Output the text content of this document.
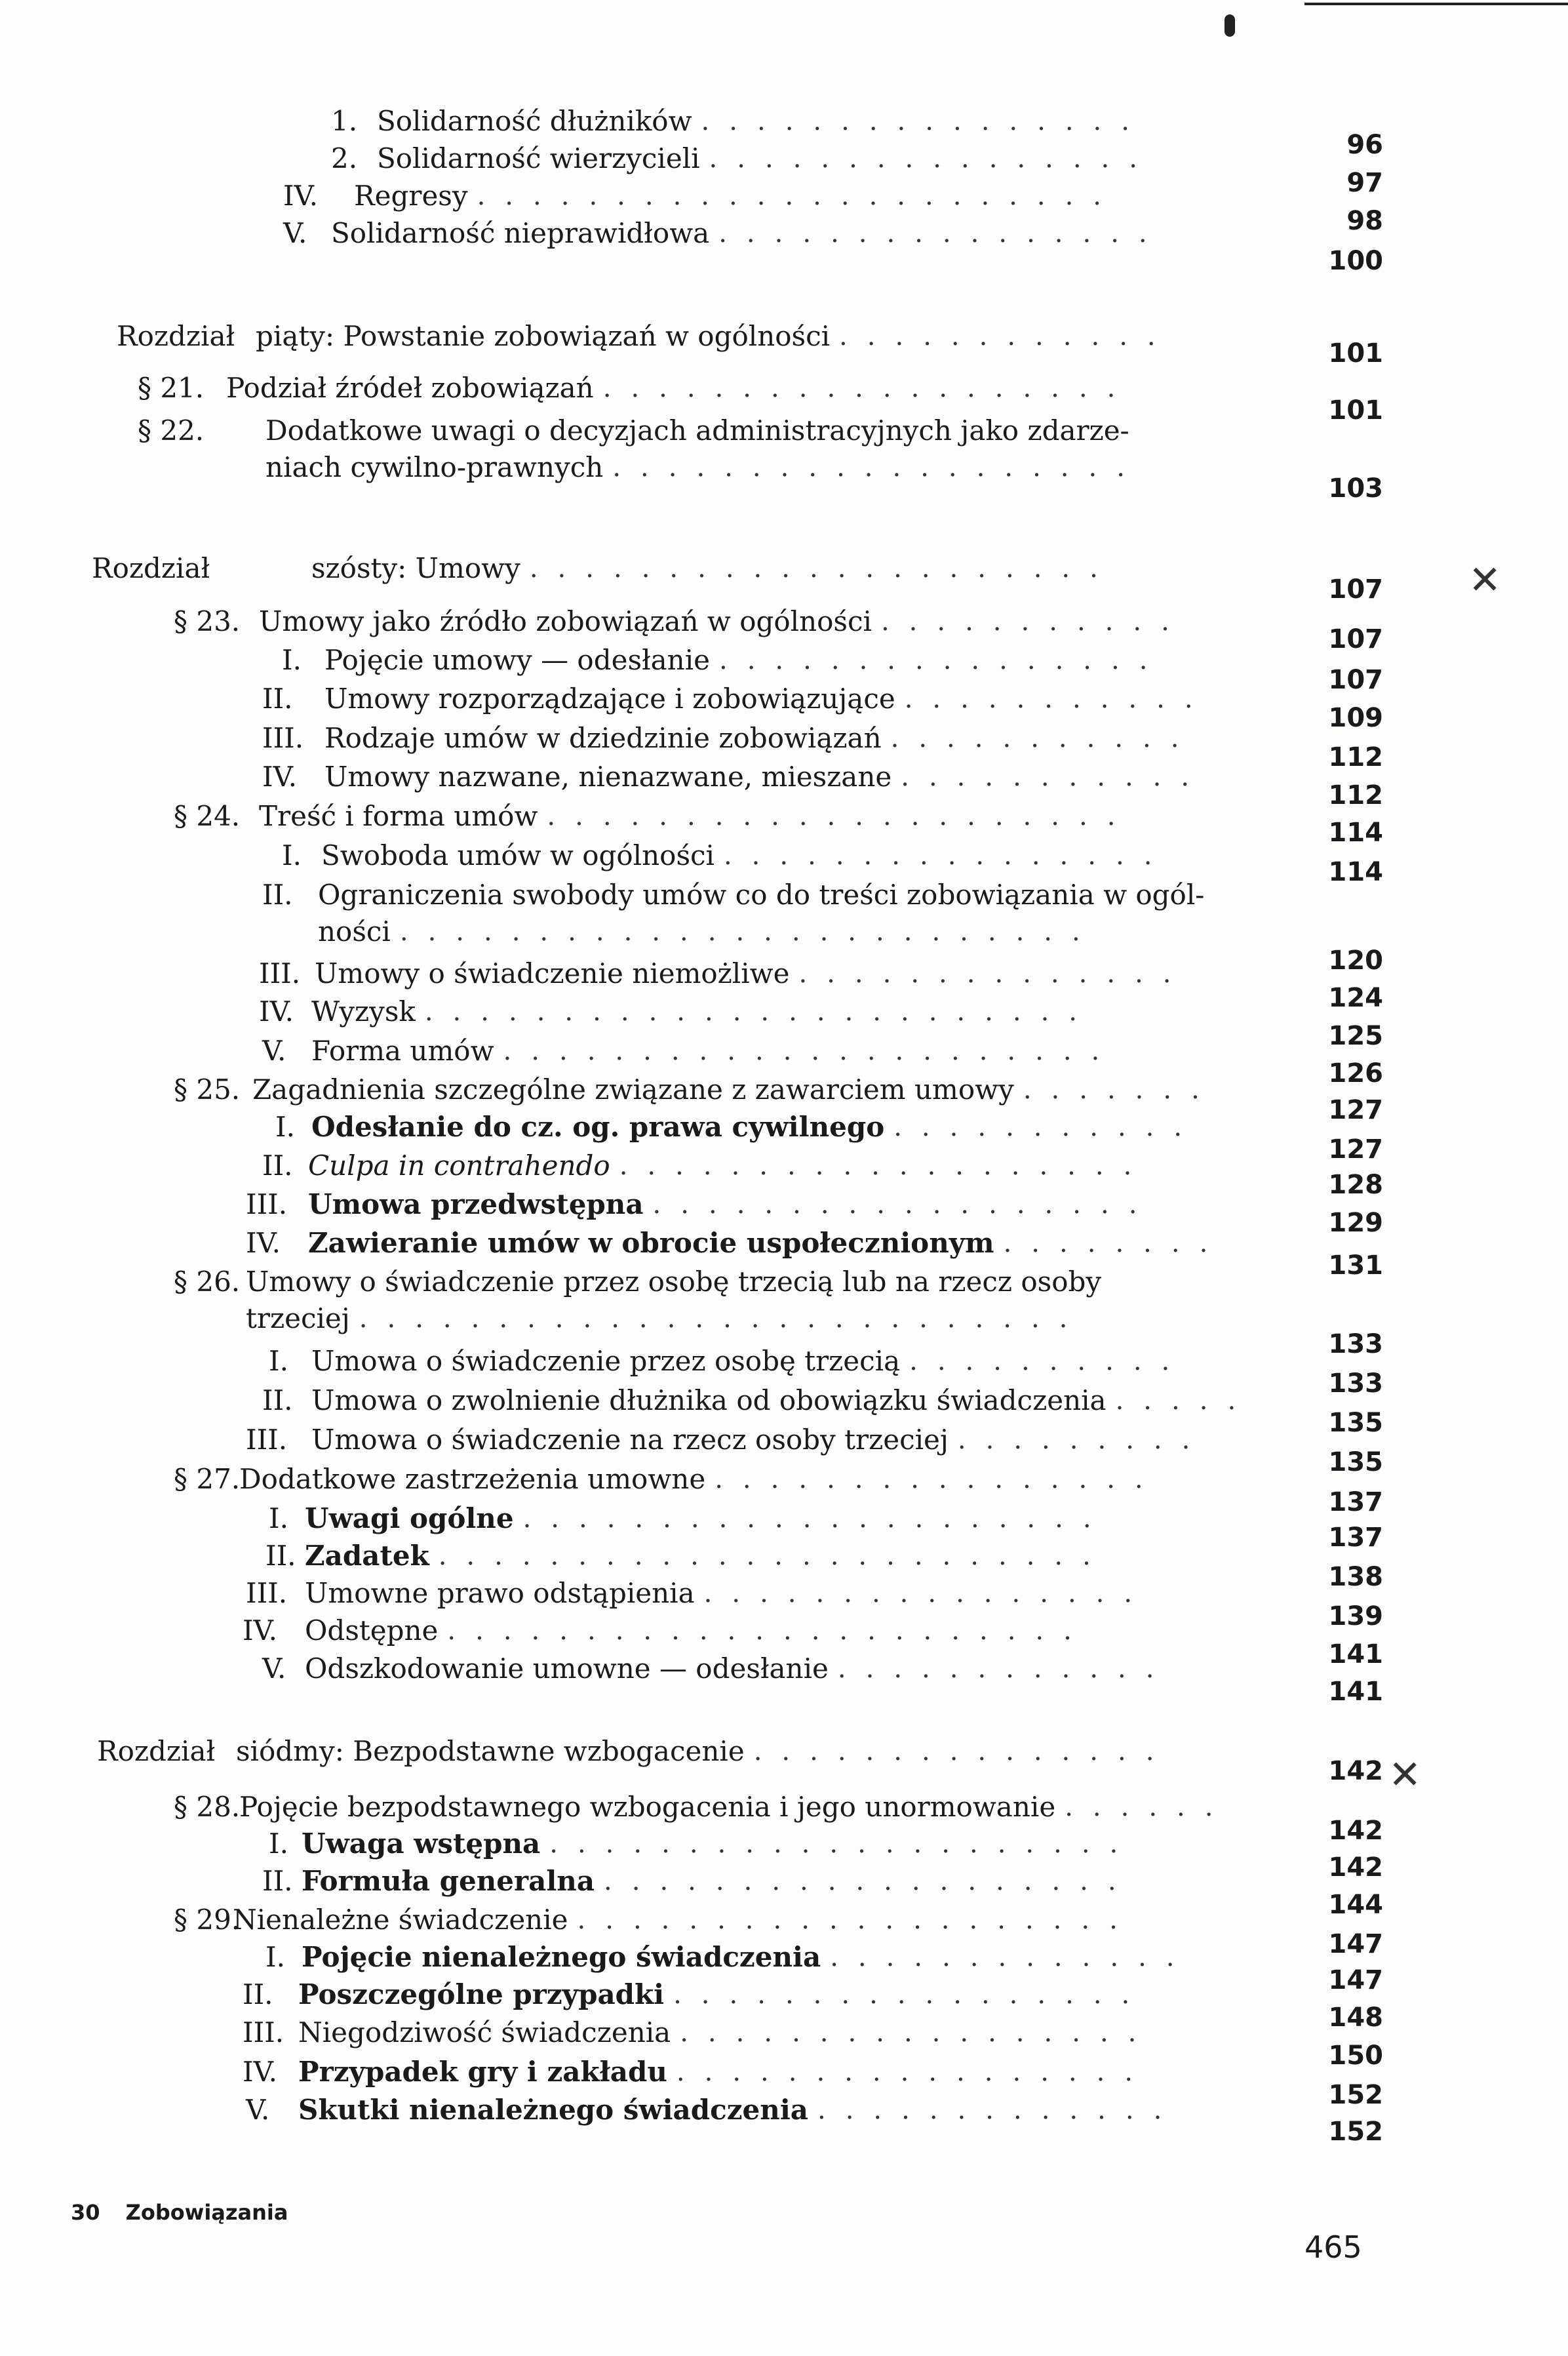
1. Solidarność dłużników ................
96
2. Solidarność wierzycieli ................
97
IV. Regresy .......................
98
V. Solidarność nieprawidłowa ................
100
Rozdział piąty: Powstanie zobowiązań w ogólności ............
101
§ 21. Podział źródeł zobowiązań ...................
101
§ 22. Dodatkowe uwagi o decyzjach administracyjnych jako zdarze-
niach cywilno-prawnych ...................
103
Rozdział	szósty: Umowy .....................
107
§ 23. Umowy jako źródło zobowiązań w ogólności ...........
107
I. Pojęcie umowy — odesłanie ................
107
II. Umowy rozporządzające i zobowiązujące ...........
109
III. Rodzaje umów w dziedzinie zobowiązań ...........
112
IV. Umowy nazwane, nienazwane, mieszane ...........
112
§ 24. Treść i forma umów .....................
114
I. Swoboda umów w ogólności ................
114
II. Ograniczenia swobody umów co do treści zobowiązania w ogól-
ności .........................
120
III. Umowy o świadczenie niemożliwe ..............
124
IV. Wyzysk ........................
125
V. Forma umów ......................
126
§ 25. Zagadnienia szczególne związane z zawarciem umowy .......
127
I. Odesłanie do cz. og. prawa cywilnego ...........
127
II. Culpa in contrahendo ...................
128
III. Umowa przedwstępna ..................
129
IV. Zawieranie umów w obrocie uspołecznionym ........
131
§ 26. Umowy o świadczenie przez osobę trzecią lub na rzecz osoby
trzeciej ..........................
133
I. Umowa o świadczenie przez osobę trzecią ..........
133
II. Umowa o zwolnienie dłużnika od obowiązku świadczenia .....
135
III. Umowa o świadczenie na rzecz osoby trzeciej .........
135
§ 27.
Dodatkowe zastrzeżenia umowne ................
137
I. Uwagi ogólne .....................
137
II. Zadatek ........................
138
III. Umowne prawo odstąpienia ................
139
IV. Odstępne .......................
141
V. Odszkodowanie umowne — odesłanie ............
141
Rozdział siódmy: Bezpodstawne wzbogacenie ...............
142
§ 28.
Pojęcie bezpodstawnego wzbogacenia i jego unormowanie ......
142
I. Uwaga wstępna .....................
142
II. Formuła generalna ...................
144
§ 29.
Nienależne świadczenie ....................
147
I. Pojęcie nienależnego świadczenia .............
147
II. Poszczególne przypadki .................
148
III. Niegodziwość świadczenia .................
150
IV. Przypadek gry i zakładu .................
152
V. Skutki nienależnego świadczenia .............
152
✕
✕
30 Zobowiązania
465
